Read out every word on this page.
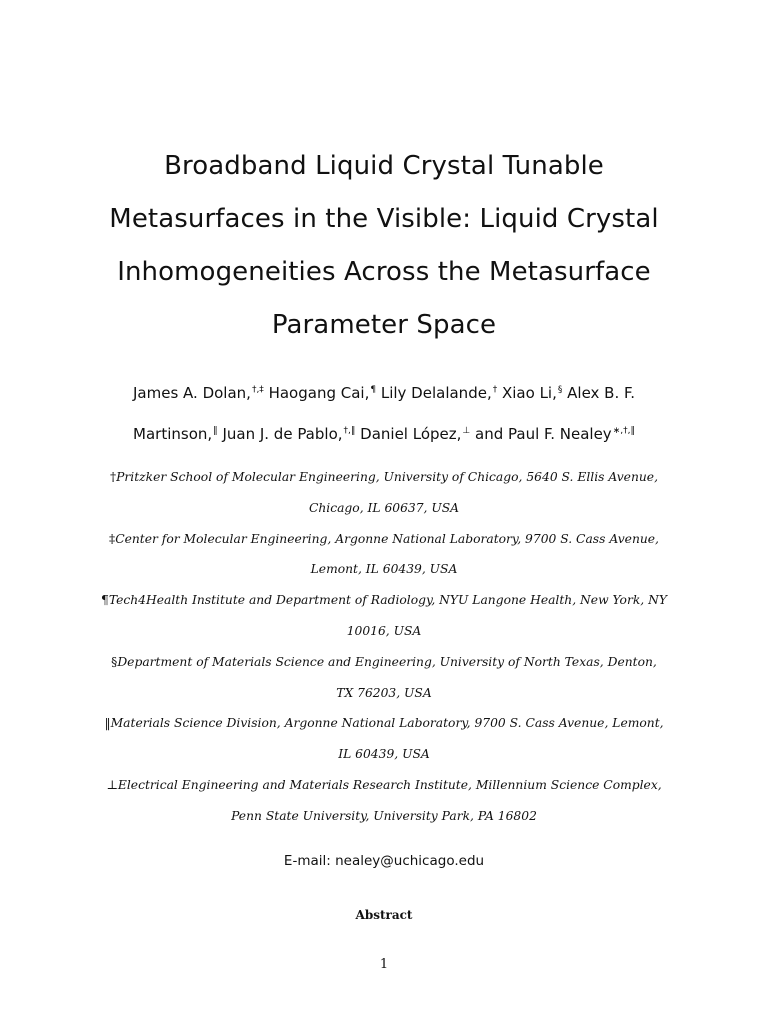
Broadband Liquid Crystal Tunable
Metasurfaces in the Visible: Liquid Crystal
Inhomogeneities Across the Metasurface
Parameter Space
James A. Dolan,†,‡ Haogang Cai,¶ Lily Delalande,† Xiao Li,§ Alex B. F.
Martinson,‖ Juan J. de Pablo,†,‖ Daniel López,⊥ and Paul F. Nealey∗,†,‖
†Pritzker School of Molecular Engineering, University of Chicago, 5640 S. Ellis Avenue,
Chicago, IL 60637, USA
‡Center for Molecular Engineering, Argonne National Laboratory, 9700 S. Cass Avenue,
Lemont, IL 60439, USA
¶Tech4Health Institute and Department of Radiology, NYU Langone Health, New York, NY
10016, USA
§Department of Materials Science and Engineering, University of North Texas, Denton,
TX 76203, USA
‖Materials Science Division, Argonne National Laboratory, 9700 S. Cass Avenue, Lemont,
IL 60439, USA
⊥Electrical Engineering and Materials Research Institute, Millennium Science Complex,
Penn State University, University Park, PA 16802
E-mail: nealey@uchicago.edu
Abstract
1
